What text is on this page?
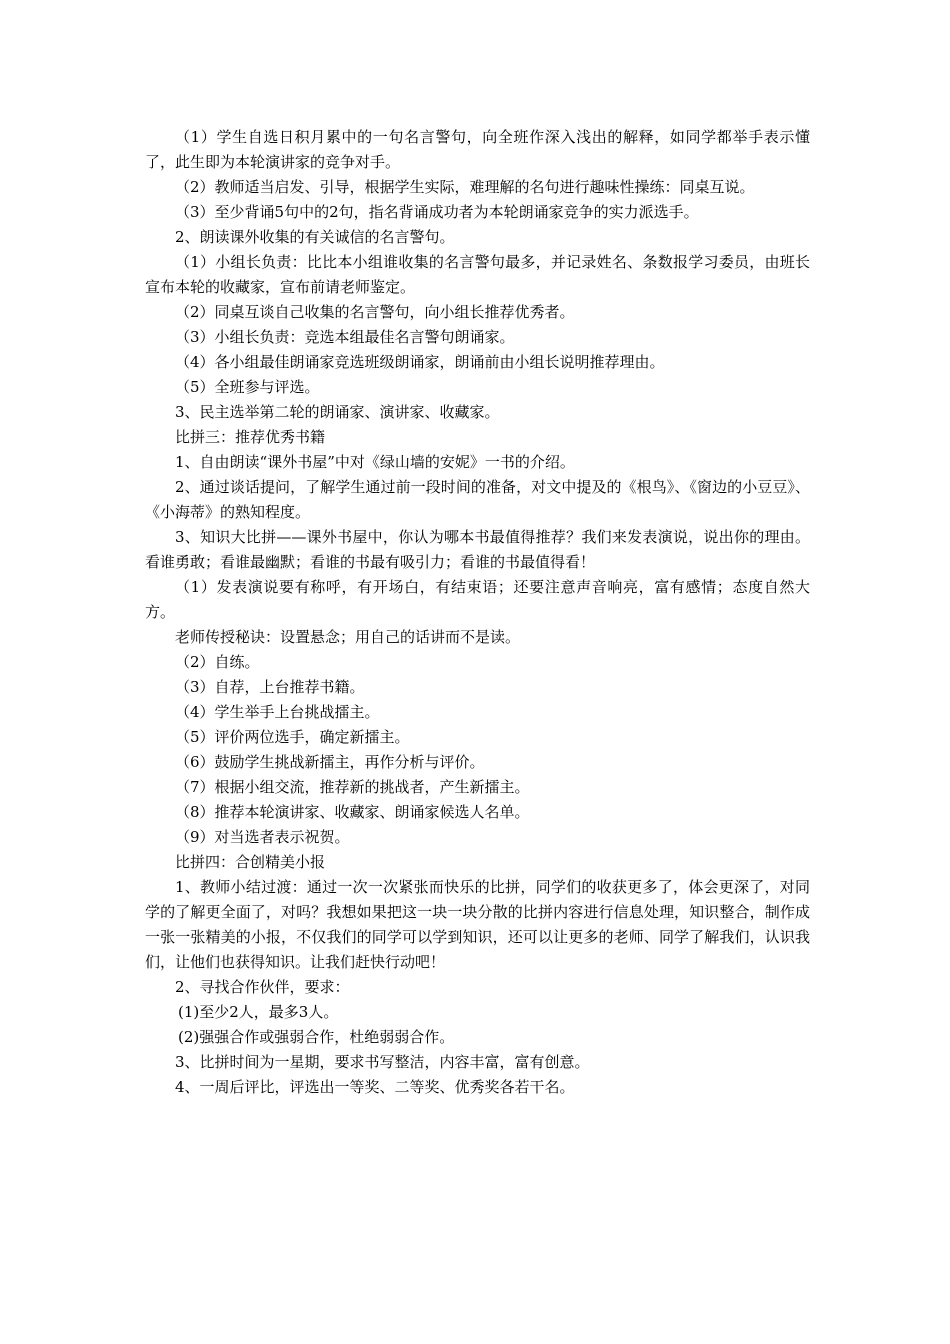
（1）学生自选日积月累中的一句名言警句，向全班作深入浅出的解释，如同学都举手表示懂了，此生即为本轮演讲家的竞争对手。

（2）教师适当启发、引导，根据学生实际，难理解的名句进行趣味性操练：同桌互说。

（3）至少背诵5句中的2句，指名背诵成功者为本轮朗诵家竞争的实力派选手。

2、朗读课外收集的有关诚信的名言警句。

（1）小组长负责：比比本小组谁收集的名言警句最多，并记录姓名、条数报学习委员，由班长宣布本轮的收藏家，宣布前请老师鉴定。

（2）同桌互谈自己收集的名言警句，向小组长推荐优秀者。

（3）小组长负责：竞选本组最佳名言警句朗诵家。

（4）各小组最佳朗诵家竞选班级朗诵家，朗诵前由小组长说明推荐理由。

（5）全班参与评选。

3、民主选举第二轮的朗诵家、演讲家、收藏家。

比拼三：推荐优秀书籍

1、自由朗读“课外书屋”中对《绿山墙的安妮》一书的介绍。

2、通过谈话提问，了解学生通过前一段时间的准备，对文中提及的《根鸟》、《窗边的小豆豆》、《小海蒂》的熟知程度。

3、知识大比拼——课外书屋中，你认为哪本书最值得推荐？我们来发表演说，说出你的理由。看谁勇敢；看谁最幽默；看谁的书最有吸引力；看谁的书最值得看！

（1）发表演说要有称呼，有开场白，有结束语；还要注意声音响亮，富有感情；态度自然大方。

老师传授秘诀：设置悬念；用自己的话讲而不是读。

（2）自练。

（3）自荐，上台推荐书籍。

（4）学生举手上台挑战擂主。

（5）评价两位选手，确定新擂主。

（6）鼓励学生挑战新擂主，再作分析与评价。

（7）根据小组交流，推荐新的挑战者，产生新擂主。

（8）推荐本轮演讲家、收藏家、朗诵家候选人名单。

（9）对当选者表示祝贺。

比拼四：合创精美小报

1、教师小结过渡：通过一次一次紧张而快乐的比拼，同学们的收获更多了，体会更深了，对同学的了解更全面了，对吗？我想如果把这一块一块分散的比拼内容进行信息处理，知识整合，制作成一张一张精美的小报，不仅我们的同学可以学到知识，还可以让更多的老师、同学了解我们，认识我们，让他们也获得知识。让我们赶快行动吧！

2、寻找合作伙伴，要求：

(1)至少2人，最多3人。

(2)强强合作或强弱合作，杜绝弱弱合作。

3、比拼时间为一星期，要求书写整洁，内容丰富，富有创意。

4、一周后评比，评选出一等奖、二等奖、优秀奖各若干名。
